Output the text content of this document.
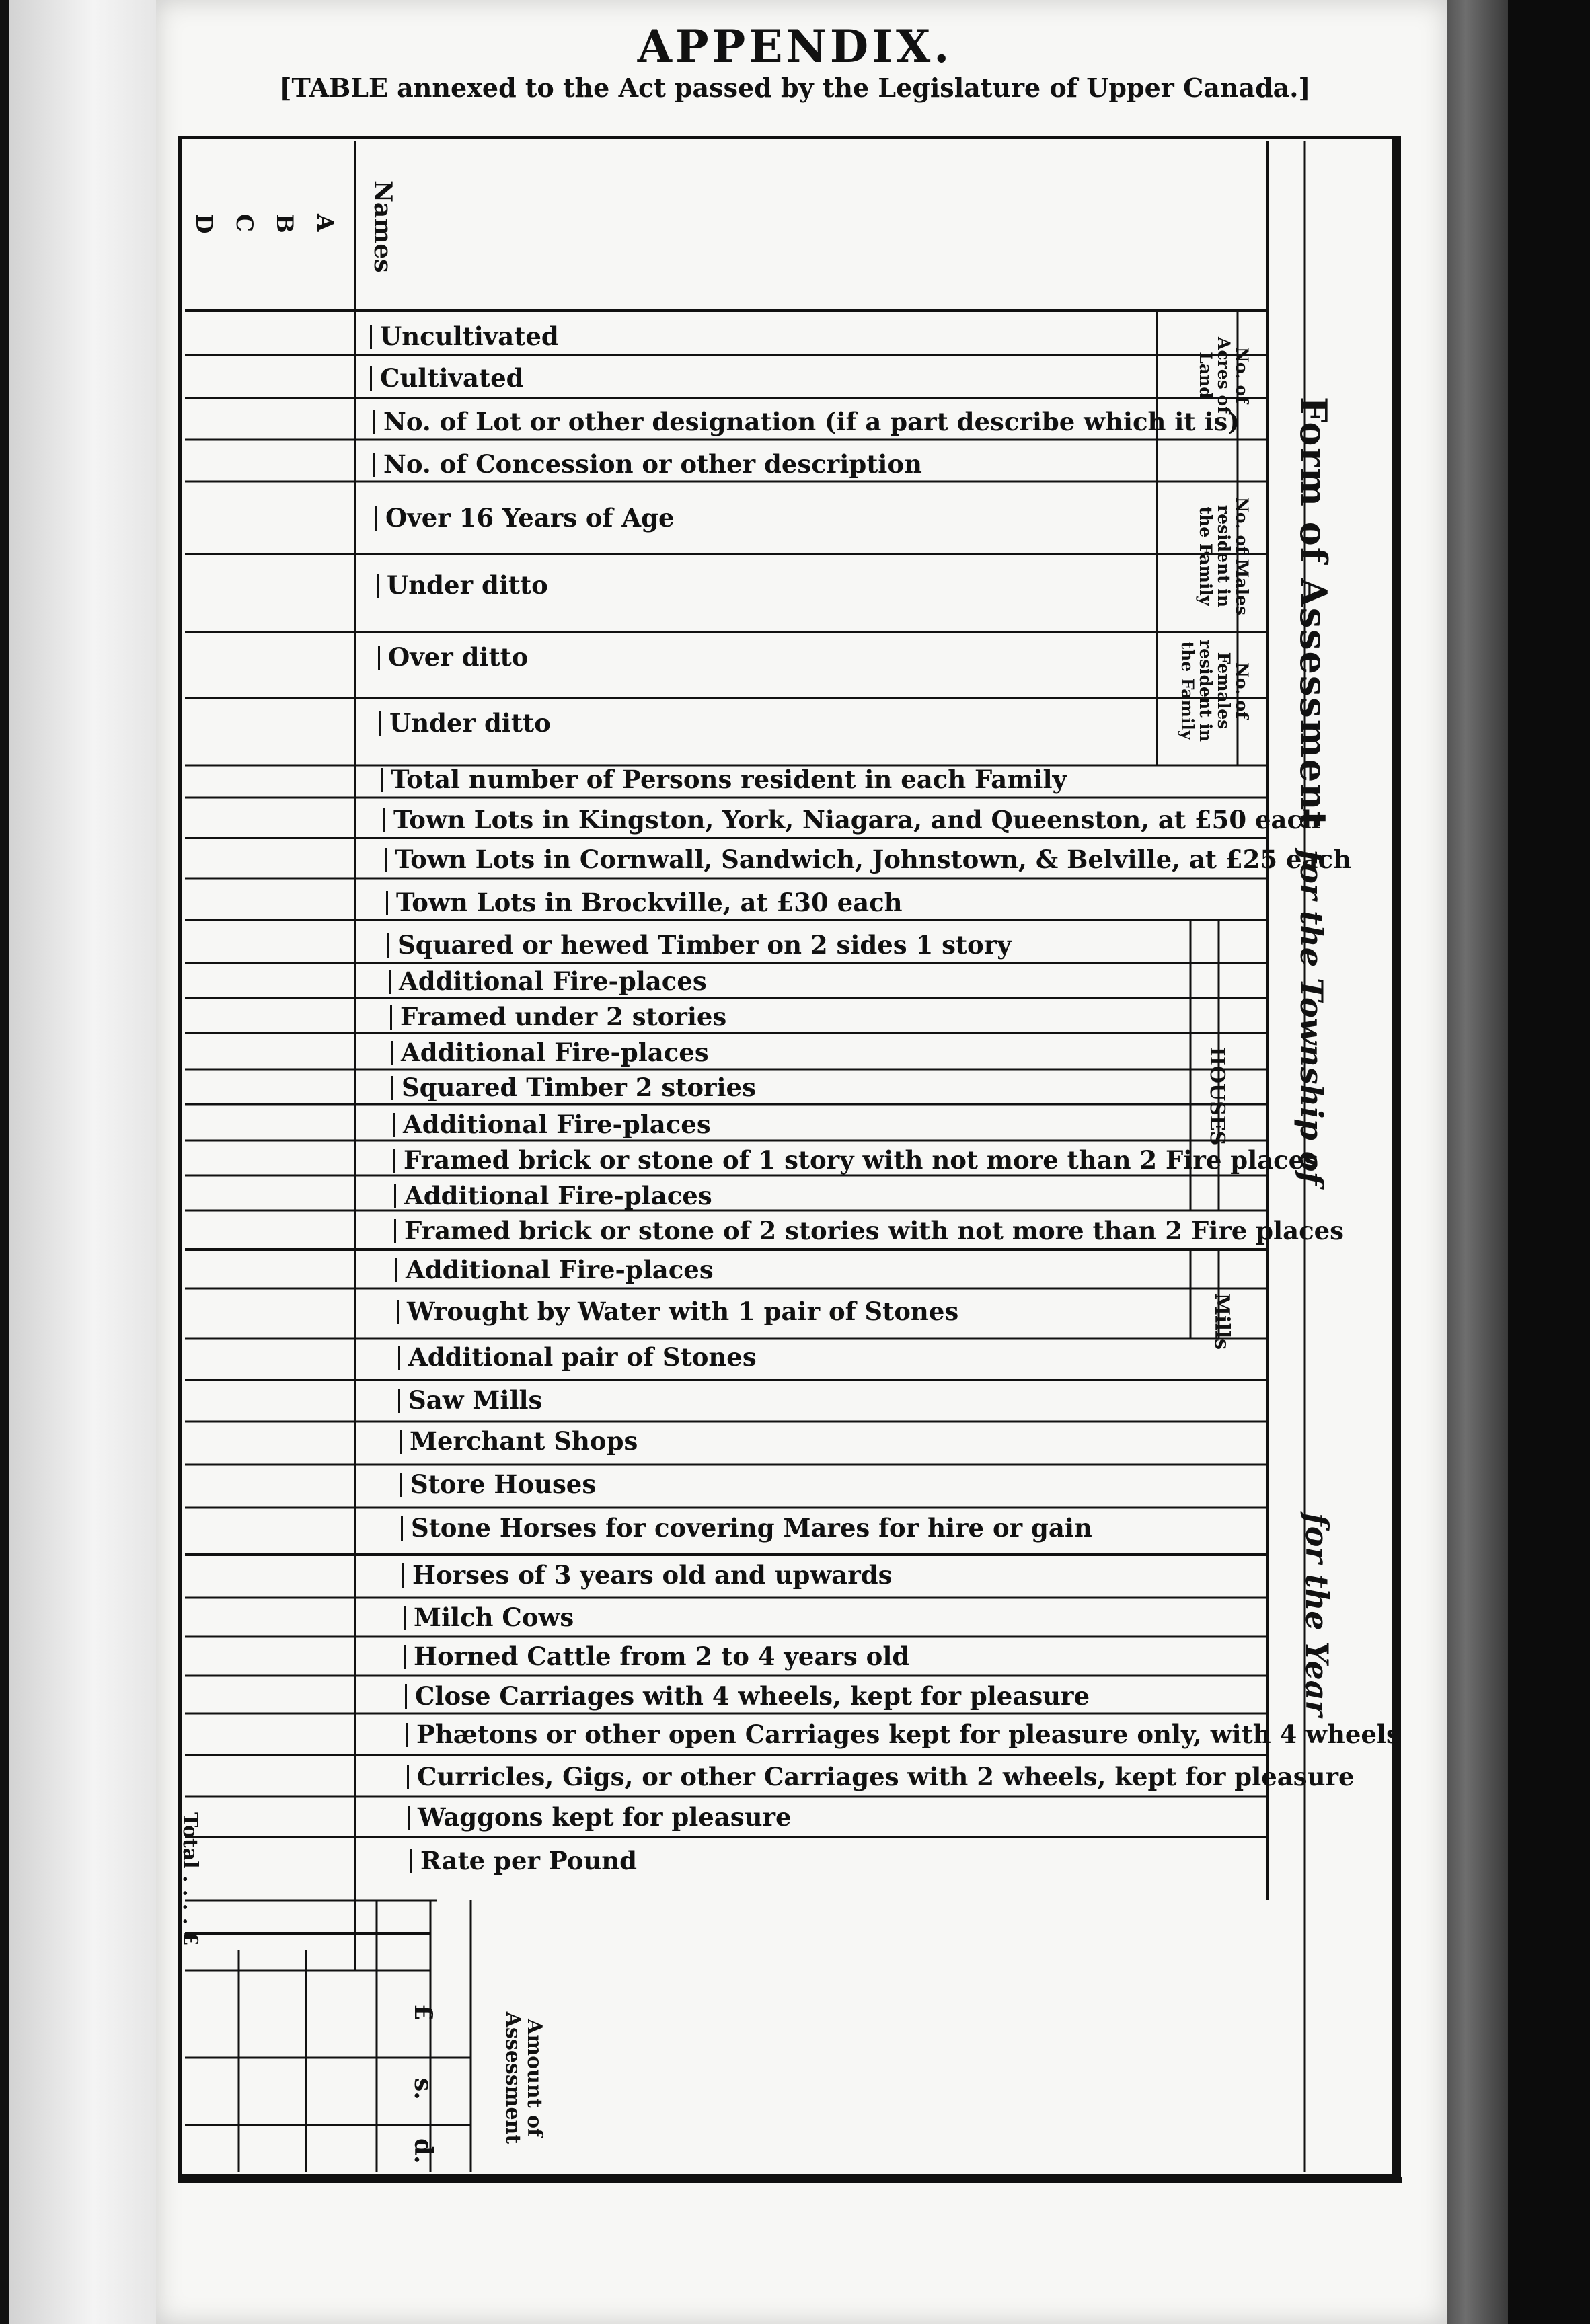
APPENDIX.
[TABLE annexed to the Act passed by the Legislature of Upper Canada.]
Names
A
B
C
D
Total . . . . £
No. of Acres of Land
No. of Males resident in the Family
No. of Females resident in the Family
HOUSES
Mills
Form of Assessmentfor the Township of
for the Year
Amount of Assessment
£
s.
d.
Uncultivated
Cultivated
No. of Lot or other designation (if a part describe which it is)
No. of Concession or other description
Over 16 Years of Age
Under ditto
Over ditto
Under ditto
Total number of Persons resident in each Family
Town Lots in Kingston, York, Niagara, and Queenston, at £50 each
Town Lots in Cornwall, Sandwich, Johnstown, & Belville, at £25 each
Town Lots in Brockville, at £30 each
Squared or hewed Timber on 2 sides 1 story
Additional Fire-places
Framed under 2 stories
Additional Fire-places
Squared Timber 2 stories
Additional Fire-places
Framed brick or stone of 1 story with not more than 2 Fire places
Additional Fire-places
Framed brick or stone of 2 stories with not more than 2 Fire places
Additional Fire-places
Wrought by Water with 1 pair of Stones
Additional pair of Stones
Saw Mills
Merchant Shops
Store Houses
Stone Horses for covering Mares for hire or gain
Horses of 3 years old and upwards
Milch Cows
Horned Cattle from 2 to 4 years old
Close Carriages with 4 wheels, kept for pleasure
Phætons or other open Carriages kept for pleasure only, with 4 wheels
Curricles, Gigs, or other Carriages with 2 wheels, kept for pleasure
Waggons kept for pleasure
Rate per Pound
